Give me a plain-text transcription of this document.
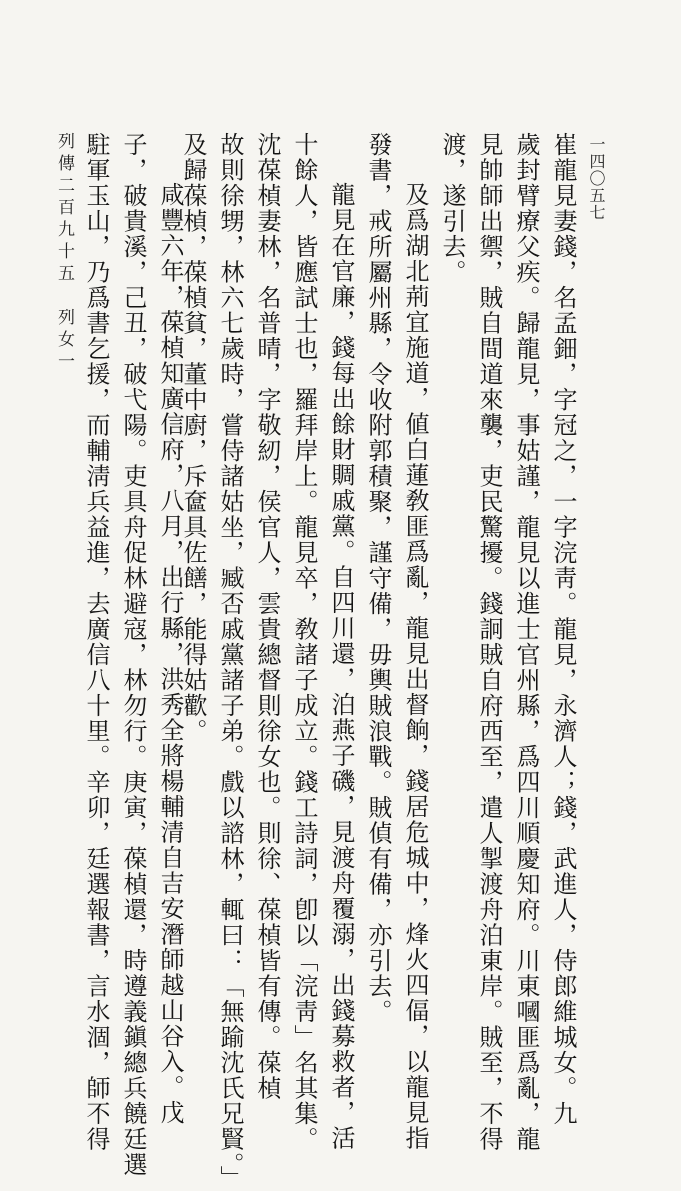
一四〇五七
崔龍見妻錢，名孟鈿，字冠之，一字浣靑。龍見，永濟人；錢，武進人，侍郎維城女。九
歲封臂療父疾。歸龍見，事姑謹，龍見以進士官州縣，爲四川順慶知府。川東嘓匪爲亂，龍
見帥師出禦，賊自間道來襲，吏民驚擾。錢詗賊自府西至，遣人掣渡舟泊東岸。賊至，不得
渡，遂引去。
及爲湖北荊宜施道，値白蓮敎匪爲亂，龍見出督餉，錢居危城中，烽火四偪，以龍見指
發書，戒所屬州縣，令收附郭積聚，謹守備，毋輿賊浪戰。賊偵有備，亦引去。
龍見在官廉，錢每出餘財賙戚黨。自四川還，泊燕子磯，見渡舟覆溺，出錢募救者，活
十餘人，皆應試士也，羅拜岸上。龍見卒，敎諸子成立。錢工詩詞，卽以「浣靑」名其集。
沈葆楨妻林，名普晴，字敬紉，侯官人，雲貴總督則徐女也。則徐、葆楨皆有傳。葆楨
故則徐甥，林六七歲時，嘗侍諸姑坐，臧否戚黨諸子弟。戲以諮林，輒曰：「無踰沈氏兄賢。」
及歸葆楨，葆楨貧，董中廚，斥奩具佐饍，能得姑歡。
咸豐六年，葆楨知廣信府，八月，出行縣，洪秀全將楊輔清自吉安潛師越山谷入。戊
子，破貴溪，己丑，破弋陽。吏具舟促林避寇，林勿行。庚寅，葆楨還，時遵義鎭總兵饒廷選
駐軍玉山，乃爲書乞援，而輔淸兵益進，去廣信八十里。辛卯，廷選報書，言水涸，師不得
列傳二百九十五　列女一
